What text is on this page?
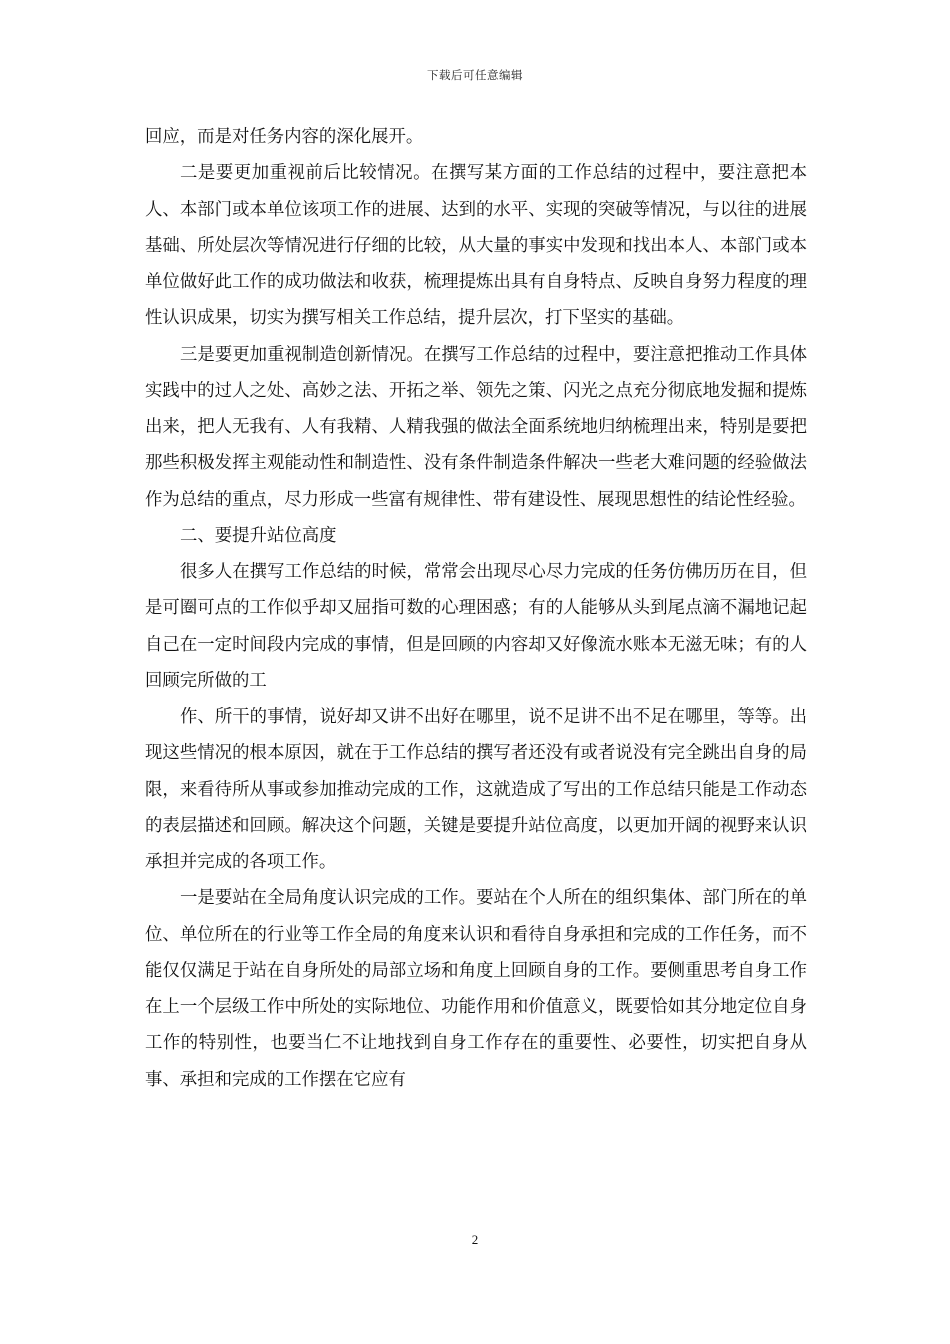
下载后可任意编辑

回应，而是对任务内容的深化展开。

二是要更加重视前后比较情况。在撰写某方面的工作总结的过程中，要注意把本人、本部门或本单位该项工作的进展、达到的水平、实现的突破等情况，与以往的进展基础、所处层次等情况进行仔细的比较，从大量的事实中发现和找出本人、本部门或本单位做好此工作的成功做法和收获，梳理提炼出具有自身特点、反映自身努力程度的理性认识成果，切实为撰写相关工作总结，提升层次，打下坚实的基础。

三是要更加重视制造创新情况。在撰写工作总结的过程中，要注意把推动工作具体实践中的过人之处、高妙之法、开拓之举、领先之策、闪光之点充分彻底地发掘和提炼出来，把人无我有、人有我精、人精我强的做法全面系统地归纳梳理出来，特别是要把那些积极发挥主观能动性和制造性、没有条件制造条件解决一些老大难问题的经验做法作为总结的重点，尽力形成一些富有规律性、带有建设性、展现思想性的结论性经验。

二、要提升站位高度

很多人在撰写工作总结的时候，常常会出现尽心尽力完成的任务仿佛历历在目，但是可圈可点的工作似乎却又屈指可数的心理困惑；有的人能够从头到尾点滴不漏地记起自己在一定时间段内完成的事情，但是回顾的内容却又好像流水账本无滋无味；有的人回顾完所做的工

作、所干的事情，说好却又讲不出好在哪里，说不足讲不出不足在哪里，等等。出现这些情况的根本原因，就在于工作总结的撰写者还没有或者说没有完全跳出自身的局限，来看待所从事或参加推动完成的工作，这就造成了写出的工作总结只能是工作动态的表层描述和回顾。解决这个问题，关键是要提升站位高度，以更加开阔的视野来认识承担并完成的各项工作。

一是要站在全局角度认识完成的工作。要站在个人所在的组织集体、部门所在的单位、单位所在的行业等工作全局的角度来认识和看待自身承担和完成的工作任务，而不能仅仅满足于站在自身所处的局部立场和角度上回顾自身的工作。要侧重思考自身工作在上一个层级工作中所处的实际地位、功能作用和价值意义，既要恰如其分地定位自身工作的特别性，也要当仁不让地找到自身工作存在的重要性、必要性，切实把自身从事、承担和完成的工作摆在它应有

2
